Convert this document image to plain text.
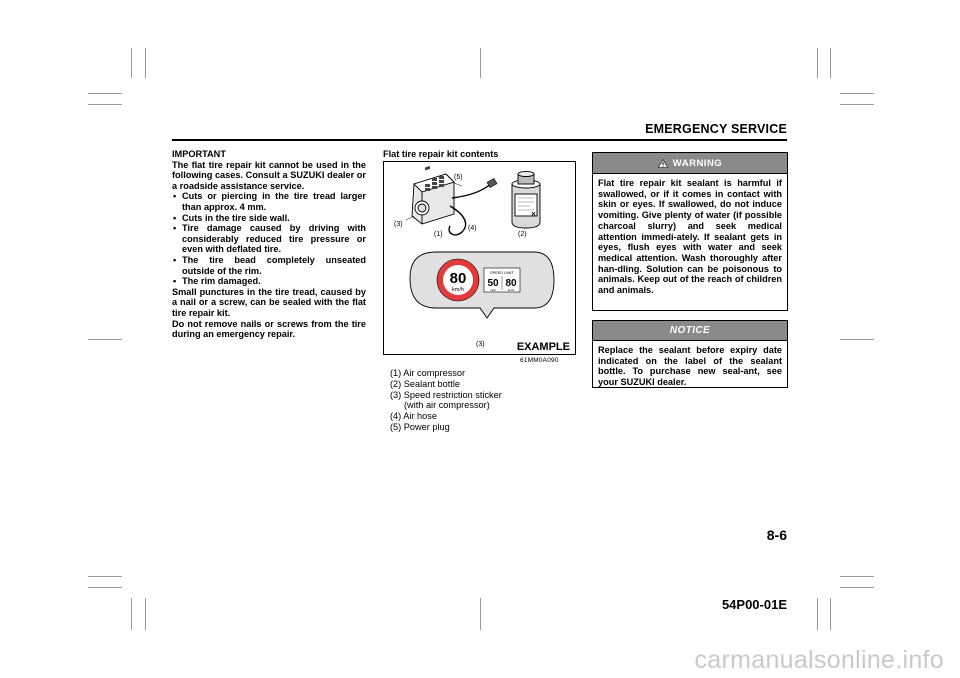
EMERGENCY SERVICE

IMPORTANT

The flat tire repair kit cannot be used in the following cases. Consult a SUZUKI dealer or a roadside assistance service.

• Cuts or piercing in the tire tread larger than approx. 4 mm.
• Cuts in the tire side wall.
• Tire damage caused by driving with considerably reduced tire pressure or even with deflated tire.
• The tire bead completely unseated outside of the rim.
• The rim damaged.

Small punctures in the tire tread, caused by a nail or a screw, can be sealed with the flat tire repair kit.

Do not remove nails or screws from the tire during an emergency repair.

Flat tire repair kit contents
✕
(1)	(2)
(3)
(4)
(5)
(3)
80
km/h
SPEED LIMIT
50 80
mph	km/h
EXAMPLE
61MM0A090
(1) Air compressor
(2) Sealant bottle
(3) Speed restriction sticker
(with air compressor)
(4) Air hose
(5) Power plug
WARNING
Flat tire repair kit sealant is harmful if swallowed, or if it comes in contact with skin or eyes. If swallowed, do not induce vomiting. Give plenty of water (if possible charcoal slurry) and seek medical attention immedi-ately. If sealant gets in eyes, flush eyes with water and seek medical attention. Wash thoroughly after han-dling. Solution can be poisonous to animals. Keep out of the reach of children and animals.
NOTICE
Replace the sealant before expiry date indicated on the label of the sealant bottle. To purchase new seal-ant, see your SUZUKI dealer.
8-6
54P00-01E
carmanualsonline.info
